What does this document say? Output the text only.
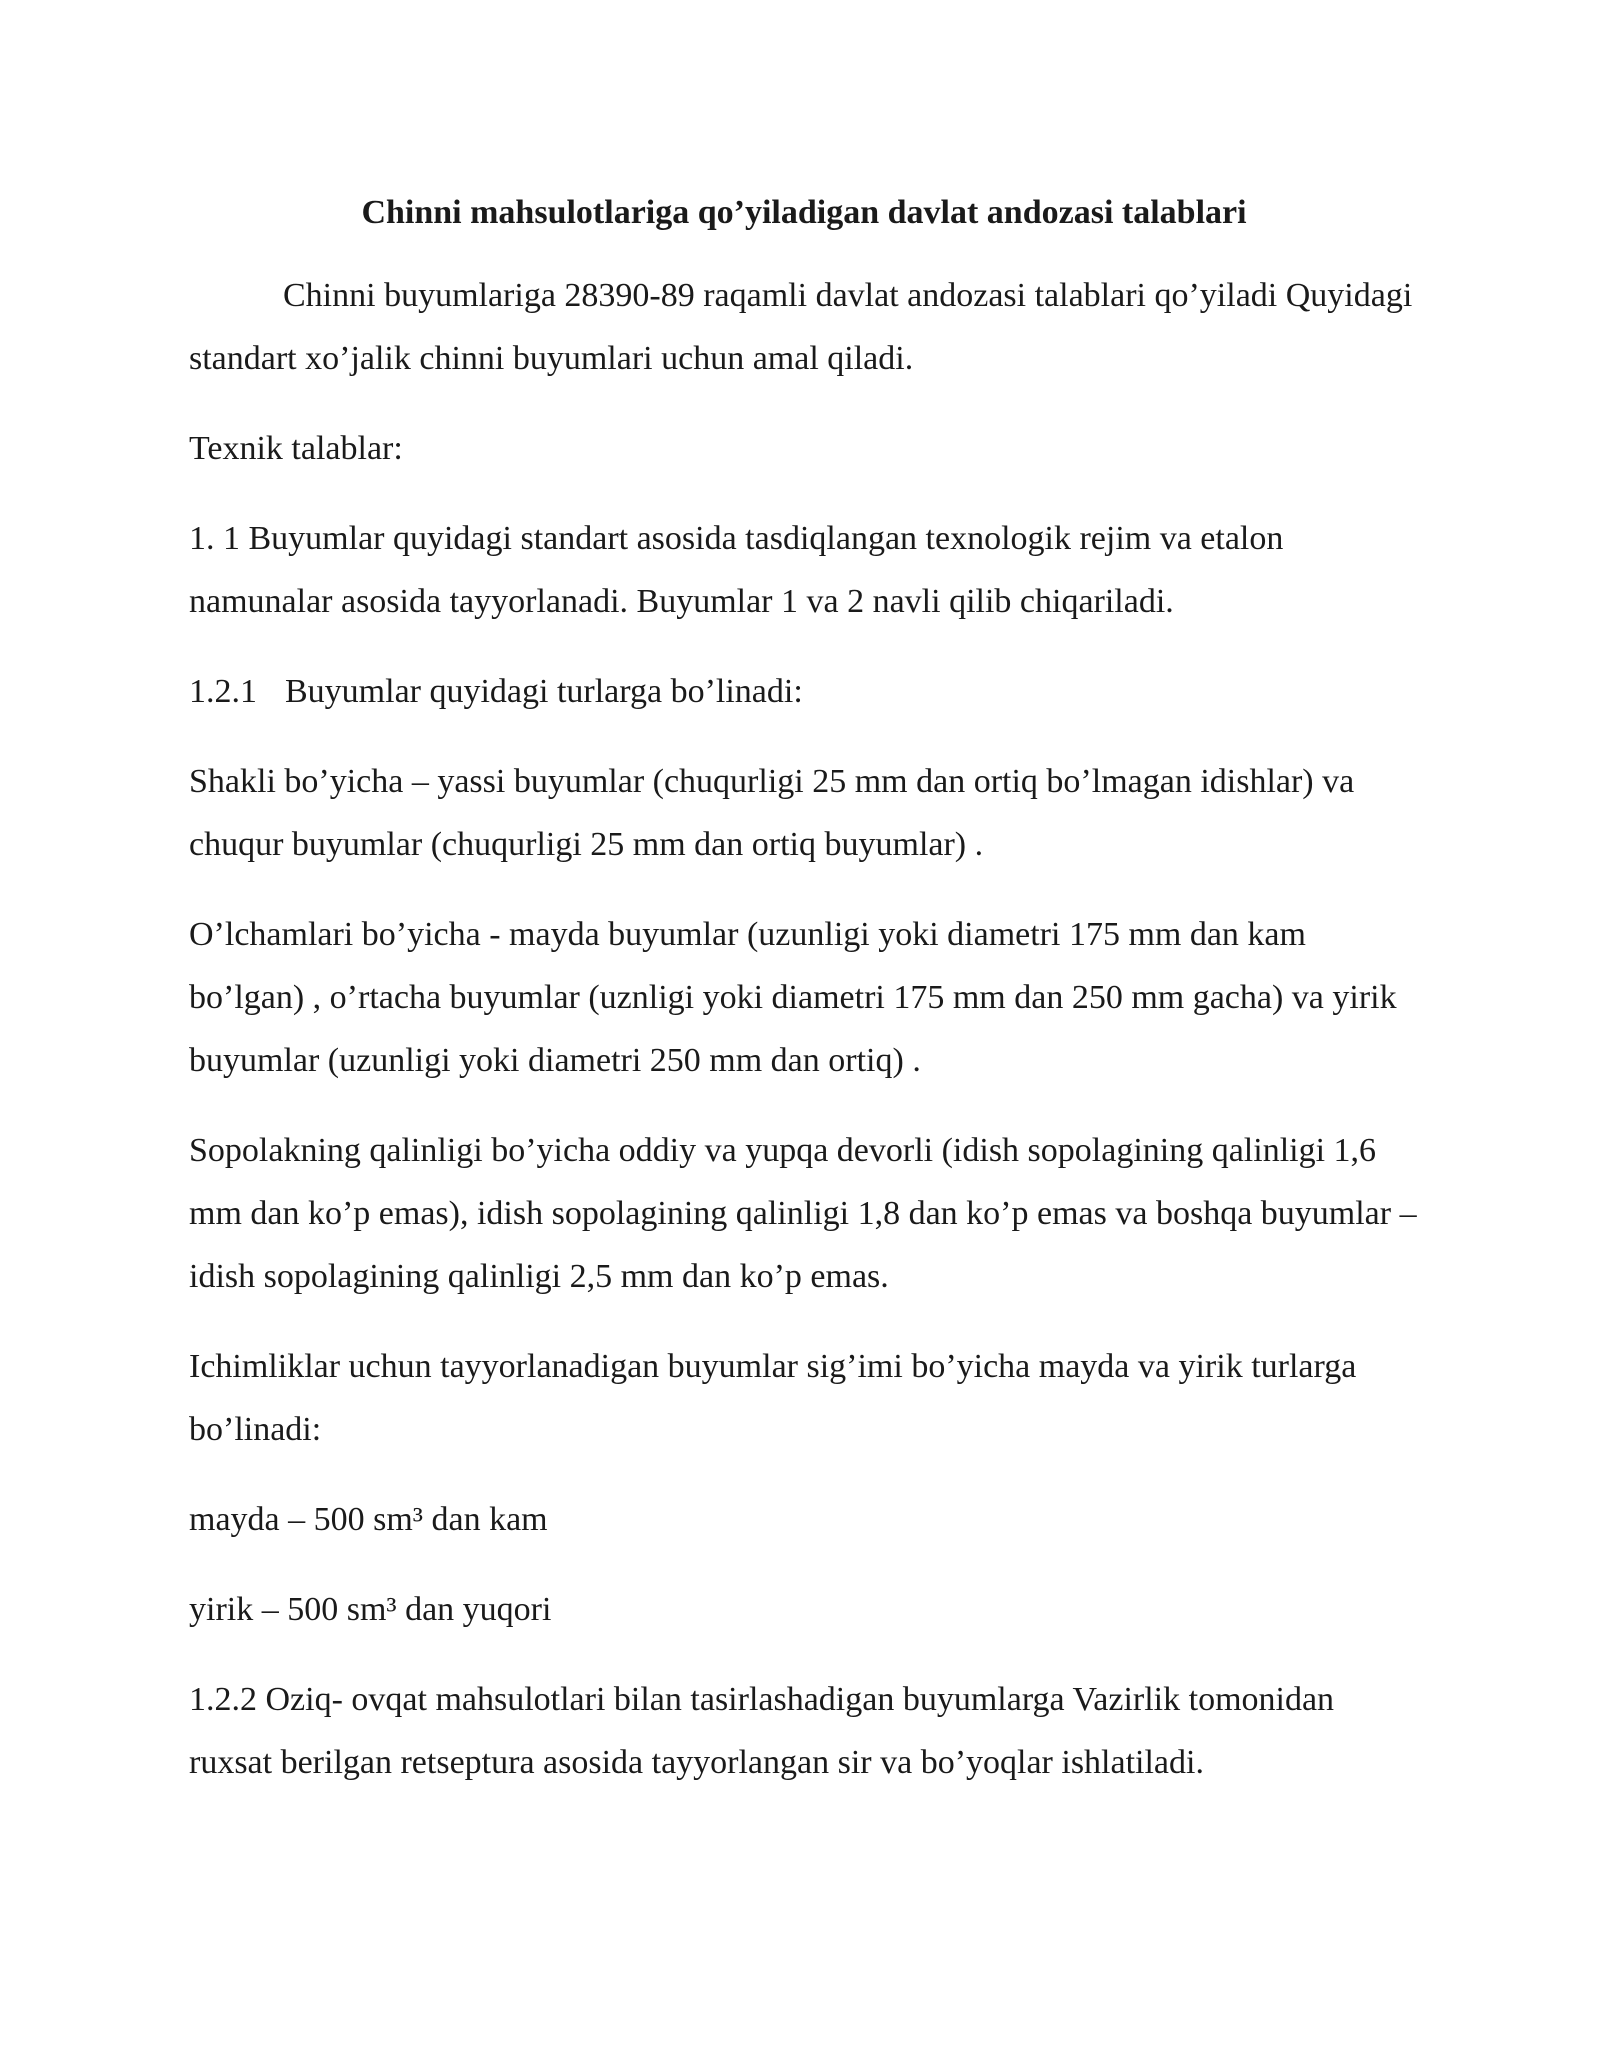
Chinni mahsulotlariga qo’yiladigan davlat andozasi talablari

Chinni buyumlariga 28390-89 raqamli davlat andozasi talablari qo’yiladi Quyidagi standart xo’jalik chinni buyumlari uchun amal qiladi.

Texnik talablar:

1. 1 Buyumlar quyidagi standart asosida tasdiqlangan texnologik rejim va etalon namunalar asosida tayyorlanadi. Buyumlar 1 va 2 navli qilib chiqariladi.

1.2.1 Buyumlar quyidagi turlarga bo’linadi:

Shakli bo’yicha – yassi buyumlar (chuqurligi 25 mm dan ortiq bo’lmagan idishlar) va chuqur buyumlar (chuqurligi 25 mm dan ortiq buyumlar) .

O’lchamlari bo’yicha - mayda buyumlar (uzunligi yoki diametri 175 mm dan kam bo’lgan) , o’rtacha buyumlar (uznligi yoki diametri 175 mm dan 250 mm gacha) va yirik buyumlar (uzunligi yoki diametri 250 mm dan ortiq) .

Sopolakning qalinligi bo’yicha oddiy va yupqa devorli (idish sopolagining qalinligi 1,6 mm dan ko’p emas), idish sopolagining qalinligi 1,8 dan ko’p emas va boshqa buyumlar – idish sopolagining qalinligi 2,5 mm dan ko’p emas.

Ichimliklar uchun tayyorlanadigan buyumlar sig’imi bo’yicha mayda va yirik turlarga bo’linadi:

mayda – 500 sm³ dan kam

yirik – 500 sm³ dan yuqori

1.2.2 Oziq- ovqat mahsulotlari bilan tasirlashadigan buyumlarga Vazirlik tomonidan ruxsat berilgan retseptura asosida tayyorlangan sir va bo’yoqlar ishlatiladi.
